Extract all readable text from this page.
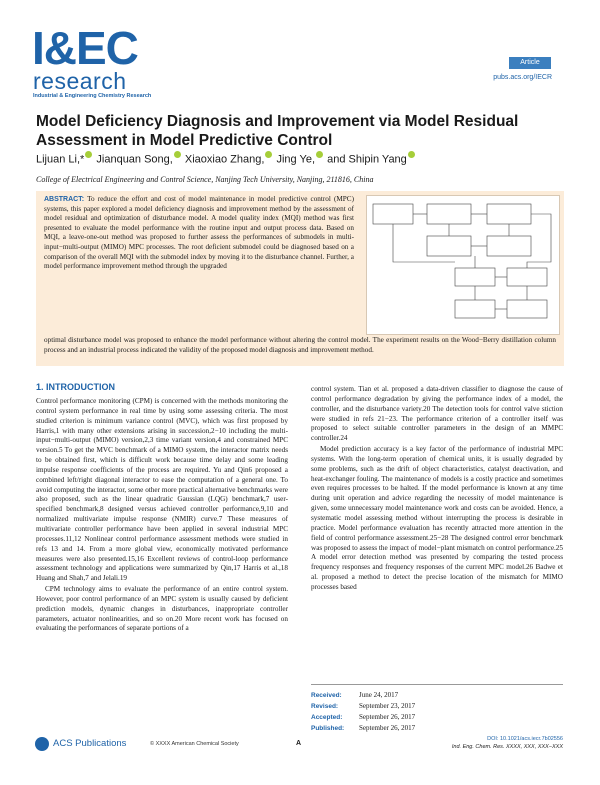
I&EC
research
Industrial & Engineering Chemistry Research
Article
pubs.acs.org/IECR
Model Deficiency Diagnosis and Improvement via Model Residual Assessment in Model Predictive Control
Lijuan Li,* Jianquan Song, Xiaoxiao Zhang, Jing Ye, and Shipin Yang
College of Electrical Engineering and Control Science, Nanjing Tech University, Nanjing, 211816, China
ABSTRACT: To reduce the effort and cost of model maintenance in model predictive control (MPC) systems, this paper explored a model deficiency diagnosis and improvement method by the assessment of model residual and optimization of disturbance model. A model quality index (MQI) method was first presented to evaluate the model performance with the routine input and output process data. Based on MQI, a leave-one-out method was proposed to further assess the performances of submodels in multi-input−multi-output (MIMO) MPC processes. The root deficient submodel could be diagnosed based on a comparison of the overall MQI with the submodel index by moving it to the disturbance channel. Further, a model performance improvement method through the upgraded
optimal disturbance model was proposed to enhance the model performance without altering the control model. The experiment results on the Wood−Berry distillation column process and an industrial process indicated the validity of the proposed model diagnosis and improvement method.
1. INTRODUCTION

Control performance monitoring (CPM) is concerned with the methods monitoring the control system performance in real time by using some assessing criteria. The most studied criterion is minimum variance control (MVC), which was first proposed by Harris,1 with many other extensions arising in succession,2−10 including the multi-input−multi-output (MIMO) version,2,3 time variant version,4 and constrained MPC version.5 To get the MVC benchmark of a MIMO system, the interactor matrix needs to be obtained first, which is difficult work because time delay and some leading impulse response coefficients of the process are required. Yu and Qin6 proposed a combined left/right diagonal interactor to ease the computation of a general one. To avoid computing the interactor, some other more practical alternative benchmarks were also proposed, such as the linear quadratic Gaussian (LQG) benchmark,7 user-specified benchmark,8 designed versus achieved controller performance,9,10 and normalized multivariate impulse response (NMIR) curve.7 These measures of multivariate controller performance have been applied in several industrial MPC processes.11,12 Nonlinear control performance assessment methods were studied in refs 13 and 14. From a more global view, economically motivated performance measures were also presented.15,16 Excellent reviews of control-loop performance assessment technology and applications were summarized by Qin,17 Harris et al.,18 Huang and Shah,7 and Jelali.19

CPM technology aims to evaluate the performance of an entire control system. However, poor control performance of an MPC system is usually caused by deficient prediction models, dynamic changes in disturbances, inappropriate controller parameters, actuator nonlinearities, and so on.20 More recent work has focused on evaluating the performances of separate portions of a

control system. Tian et al. proposed a data-driven classifier to diagnose the cause of control performance degradation by giving the performance index of a model, the controller, and the disturbance variety.20 The detection tools for control valve stiction were studied in refs 21−23. The performance criterion of a controller itself was proposed to select suitable controller parameters in the design of an MMPC controller.24

Model prediction accuracy is a key factor of the performance of industrial MPC systems. With the long-term operation of chemical units, it is usually degraded by some problems, such as the drift of object characteristics, catalyst deactivation, and heat-exchanger fouling. The maintenance of models is a costly practice and sometimes even requires processes to be halted. If the model performance is known at any time during unit operation and advice regarding the necessity of model maintenance is given, some unnecessary model maintenance work and costs can be avoided. Hence, a systematic model assessing method without interrupting the process is desirable in practice. Model performance evaluation has recently attracted more attention in the field of control performance assessment.25−28 The designed control error benchmark was proposed to assess the impact of model−plant mismatch on control performance.25 A model error detection method was presented by comparing the tested process frequency responses and frequency responses of the current MPC model.26 Badwe et al. proposed a method to detect the precise location of the mismatch for MIMO processes based

Received: June 24, 2017
Revised:	September 23, 2017
Accepted: September 26, 2017
Published: September 26, 2017
ACS Publications	© XXXX American Chemical Society	A
DOI: 10.1021/acs.iecr.7b02556
Ind. Eng. Chem. Res. XXXX, XXX, XXX−XXX
